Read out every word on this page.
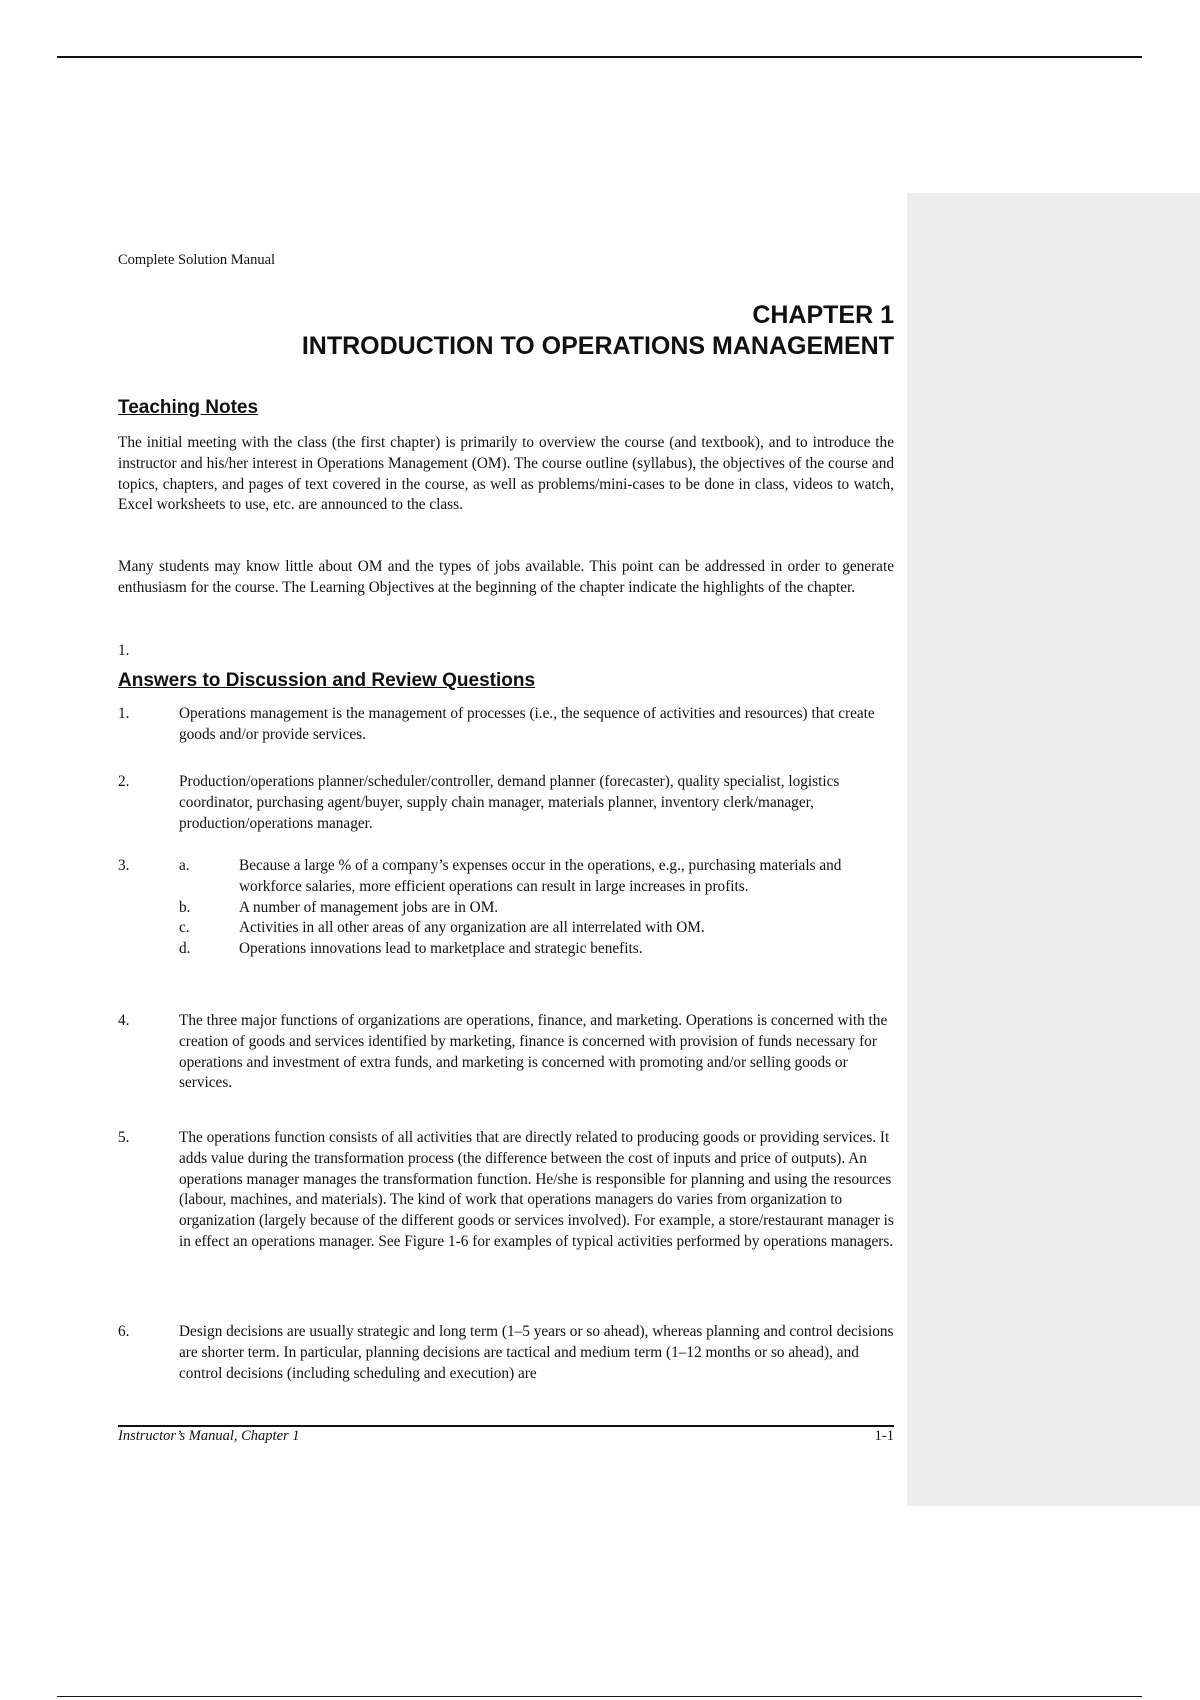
Complete Solution Manual
CHAPTER 1
INTRODUCTION TO OPERATIONS MANAGEMENT
Teaching Notes

The initial meeting with the class (the first chapter) is primarily to overview the course (and textbook), and to introduce the instructor and his/her interest in Operations Management (OM). The course outline (syllabus), the objectives of the course and topics, chapters, and pages of text covered in the course, as well as problems/mini-cases to be done in class, videos to watch, Excel worksheets to use, etc. are announced to the class.

Many students may know little about OM and the types of jobs available. This point can be addressed in order to generate enthusiasm for the course. The Learning Objectives at the beginning of the chapter indicate the highlights of the chapter.

1.
Answers to Discussion and Review Questions
1.	Operations management is the management of processes (i.e., the sequence of activities and resources) that create goods and/or provide services.
2.	Production/operations planner/scheduler/controller, demand planner (forecaster), quality specialist, logistics coordinator, purchasing agent/buyer, supply chain manager, materials planner, inventory clerk/manager, production/operations manager.
3.	a.	Because a large % of a company’s expenses occur in the operations, e.g., purchasing materials and workforce salaries, more efficient operations can result in large increases in profits.
b.	A number of management jobs are in OM.
c.	Activities in all other areas of any organization are all interrelated with OM.
d.	Operations innovations lead to marketplace and strategic benefits.
4.	The three major functions of organizations are operations, finance, and marketing. Operations is concerned with the creation of goods and services identified by marketing, finance is concerned with provision of funds necessary for operations and investment of extra funds, and marketing is concerned with promoting and/or selling goods or services.
5.	The operations function consists of all activities that are directly related to producing goods or providing services. It adds value during the transformation process (the difference between the cost of inputs and price of outputs). An operations manager manages the transformation function. He/she is responsible for planning and using the resources (labour, machines, and materials). The kind of work that operations managers do varies from organization to organization (largely because of the different goods or services involved). For example, a store/restaurant manager is in effect an operations manager. See Figure 1-6 for examples of typical activities performed by operations managers.
6.	Design decisions are usually strategic and long term (1–5 years or so ahead), whereas planning and control decisions are shorter term. In particular, planning decisions are tactical and medium term (1–12 months or so ahead), and control decisions (including scheduling and execution) are
Instructor’s Manual, Chapter 1	1-1
